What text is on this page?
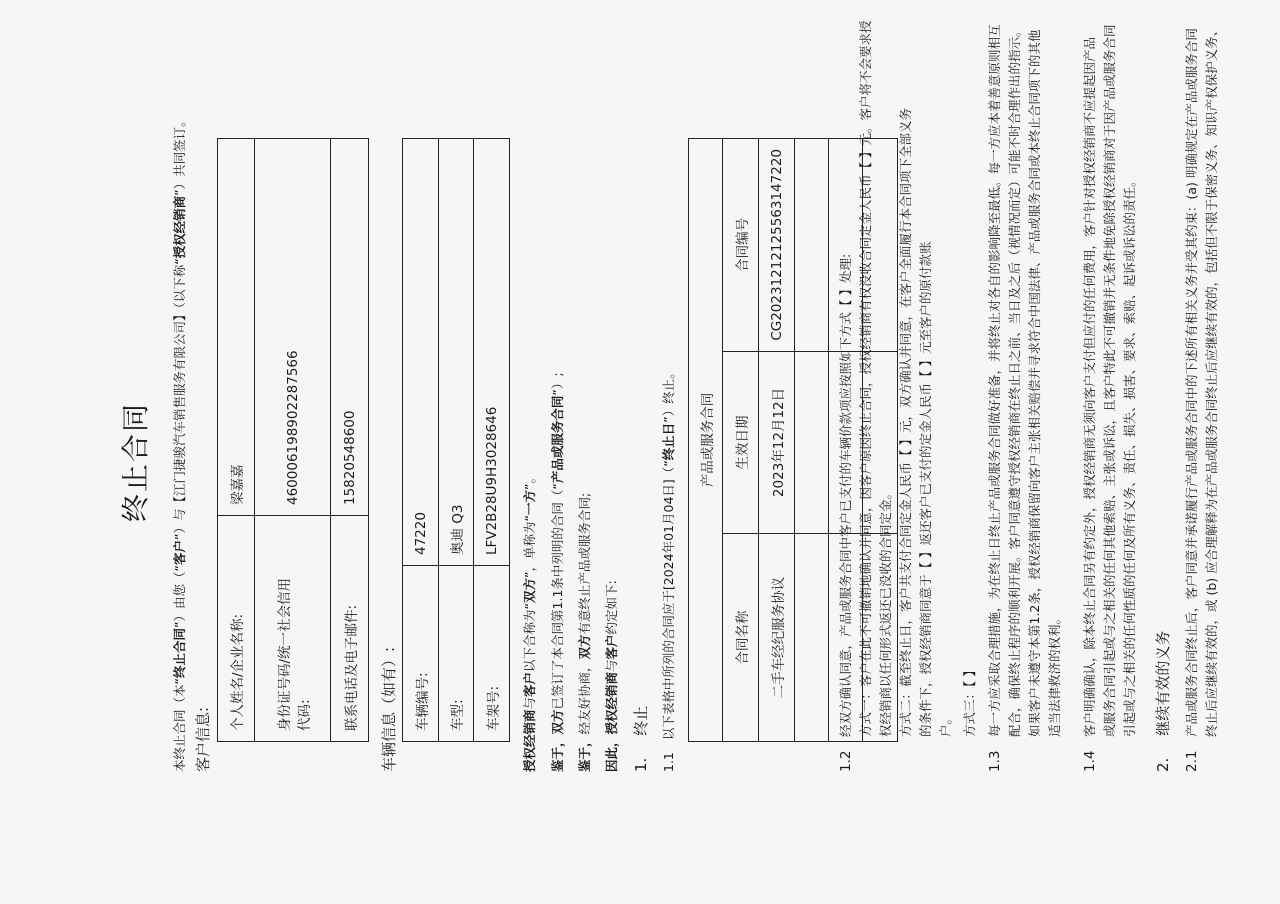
终止合同
本终止合同（本“终止合同”）由您（“客户”）与【江门捷骏汽车销售服务有限公司】（以下称“授权经销商”）共同签订。
客户信息:
个人姓名/企业名称:	梁嘉嘉
身份证号码/统一社会信用 代码:	460006198902287566
联系电话及电子邮件:	15820548600
车辆信息（如有）: 车辆编号:	47220
车型:	奥迪 Q3
车架号:	LFV2B28U9H3028646
授权经销商与客户以下合称为“双方”，单称为“一方”。
鉴于，双方已签订了本合同第1.1条中列明的合同（“产品或服务合同”）;
鉴于，经友好协商，双方有意终止产品或服务合同;
因此，授权经销商与客户约定如下:
1.终止
1.1以下表格中所列的合同应于[2024年01月04日]（“终止日”）终止。 产品或服务合同		
合同名称	生效日期	合同编号
二手车经纪服务协议	2023年12月12日	CG20231212125563147220

1.2
经双方确认同意，产品或服务合同中客户已支付的车辆价款项应按照如下方式【 】处理: 方式一：客户在此不可撤销地确认并同意，因客户原因终止合同，授权经销商有权没收合同定金人民币【 】元。客户将不会要求授 权经销商以任何形式返还已没收的合同定金。 方式二：截至终止日，客户共支付合同定金人民币【 】元，双方确认并同意，在客户全面履行本合同项下全部义务 的条件下，授权经销商同意于【 】返还客户已支付的定金人民币【 】元至客户的原付款账 户。 方式三：【 】
1.3
每一方应采取合理措施，为在终止日终止产品或服务合同做好准备，并将终止对各自的影响降至最低。每一方应本着善意原则相互 配合，确保终止程序的顺利开展。客户同意遵守授权经销商在终止日之前、当日及之后（视情况而定）可能不时合理作出的指示。 如果客户未遵守本第1.2条，授权经销商保留向客户主张相关赔偿并寻求符合中国法律、产品或服务合同或本终止合同项下的其他 适当法律救济的权利。
1.4
客户明确确认，除本终止合同另有约定外，授权经销商无须向客户支付但应付的任何费用，客户针对授权经销商不应提起因产品 或服务合同引起或与之相关的任何其他索赔、主张或诉讼，且客户特此不可撤销并无条件地免除授权经销商对于因产品或服务合同 引起或与之相关的任何性质的任何及所有义务、责任、损失、损害、要求、索赔、起诉或诉讼的责任。
2.继续有效的义务
2.1
产品或服务合同终止后，客户同意并承诺履行产品或服务合同中的下述所有相关义务并受其约束：(a) 明确规定在产品或服务合同 终止后应继续有效的，或 (b) 应合理解释为在产品或服务合同终止后应继续有效的，包括但不限于保密义务、知识产权保护义务、
